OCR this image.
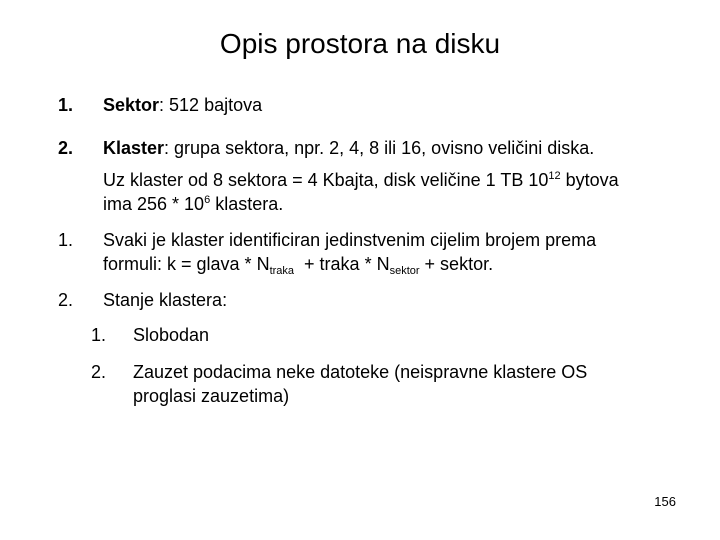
Opis prostora na disku
1. Sektor: 512 bajtova
2. Klaster: grupa sektora, npr. 2, 4, 8 ili 16, ovisno veličini diska.
Uz klaster od 8 sektora = 4 Kbajta, disk veličine 1 TB $10^{12}$ bytova
ima $256 * 10^6$ klastera.
1. Svaki je klaster identificiran jedinstvenim cijelim brojem prema
formuli: k = glava * $N_{traka}$  + traka * $N_{sektor}$ + sektor.
2. Stanje klastera:
1. Slobodan
2. Zauzet podacima neke datoteke (neispravne klastere OS
proglasi zauzetima)
156
